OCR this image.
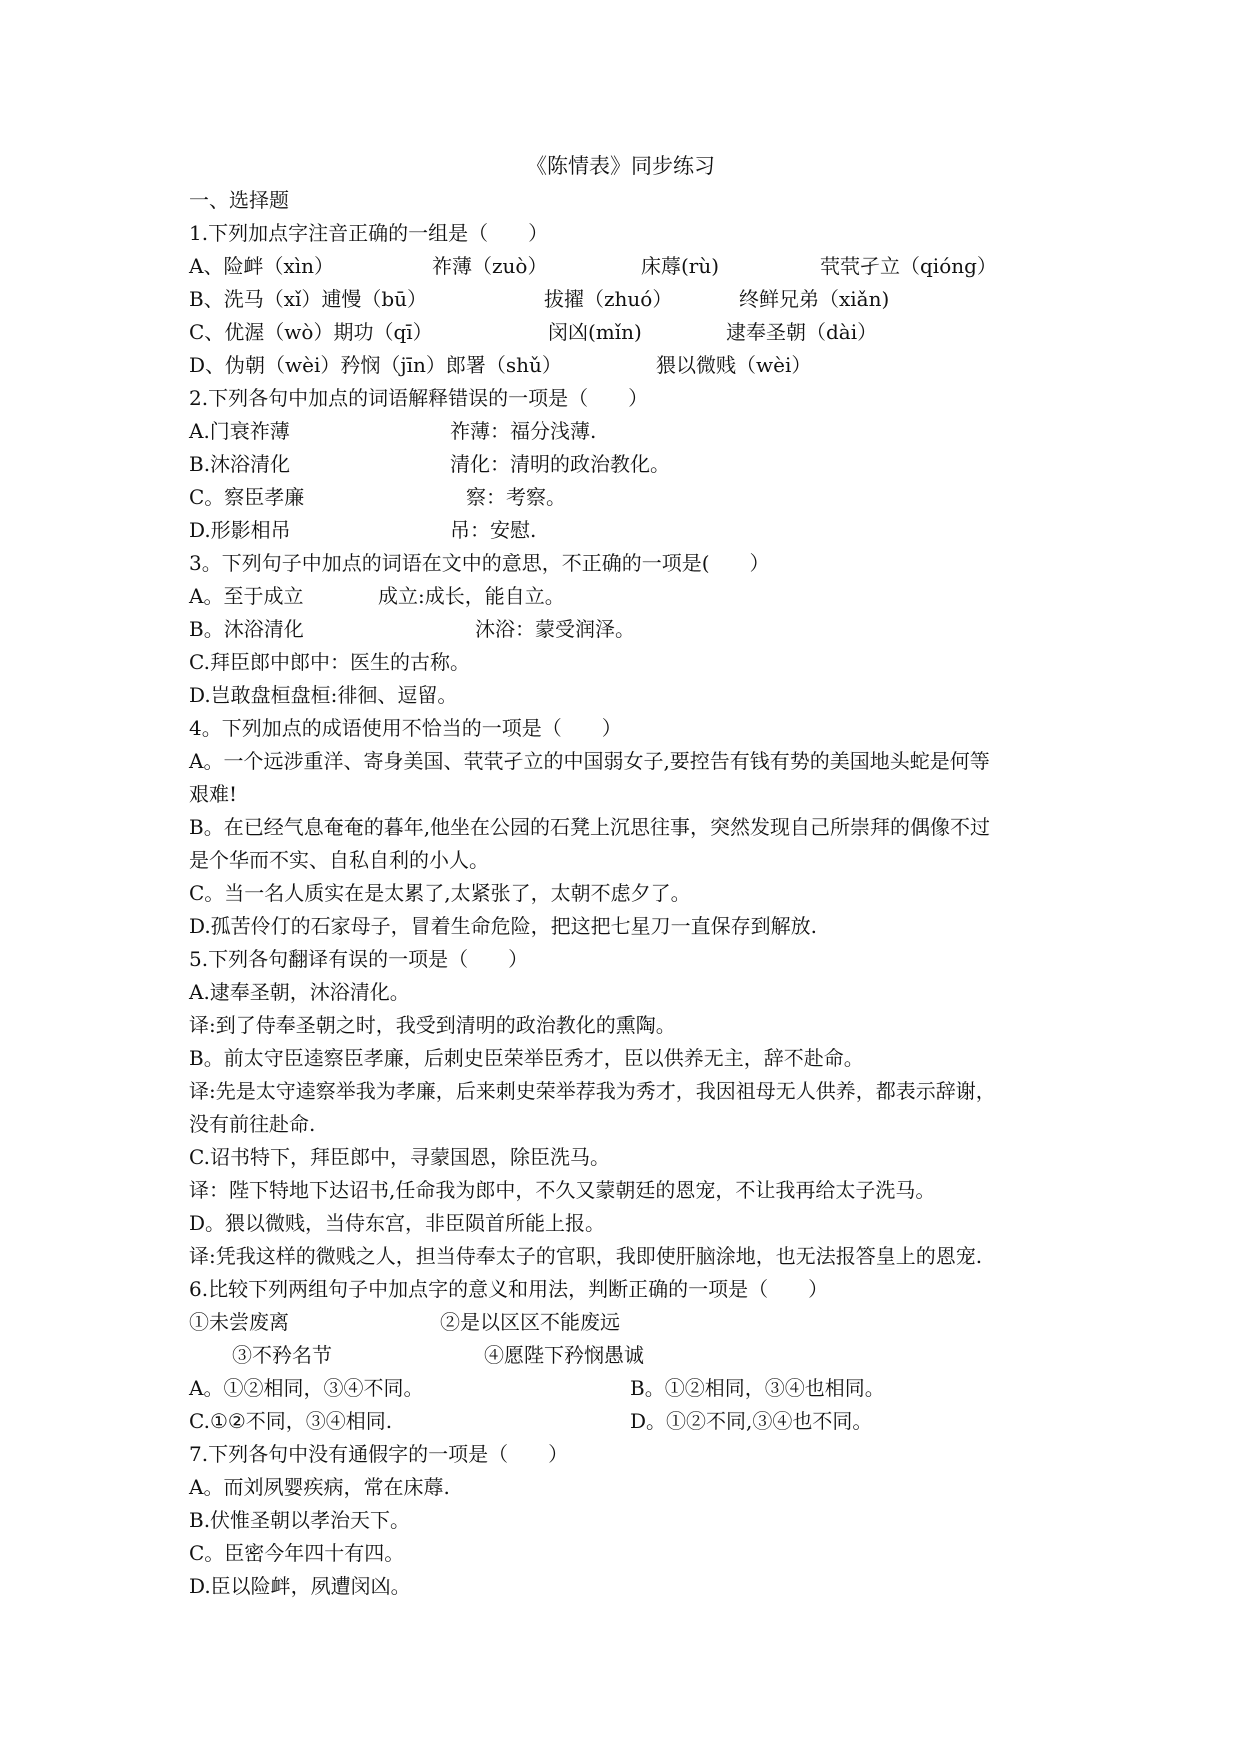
《陈情表》同步练习
一、选择题
1.下列加点字注音正确的一组是（　　）
A、险衅（xìn）	祚薄（zuò）	床蓐(rù)	茕茕孑立（qióng）
B、洗马（xǐ）逋慢（bū）	拔擢（zhuó）	终鲜兄弟（xiǎn)
C、优渥（wò）期功（qī）	闵凶(mǐn)	逮奉圣朝（dài）
D、伪朝（wèi）矜悯（jīn）郎署（shǔ）	猥以微贱（wèi）
2.下列各句中加点的词语解释错误的一项是（　　）
A.门衰祚薄	祚薄：福分浅薄.
B.沐浴清化	清化：清明的政治教化。
C。察臣孝廉	察：考察。
D.形影相吊	吊：安慰.
3。下列句子中加点的词语在文中的意思，不正确的一项是(　　）
A。至于成立	成立:成长，能自立。
B。沐浴清化	沐浴：蒙受润泽。
C.拜臣郎中郎中：医生的古称。
D.岂敢盘桓盘桓:徘徊、逗留。
4。下列加点的成语使用不恰当的一项是（　　）
A。一个远涉重洋、寄身美国、茕茕孑立的中国弱女子,要控告有钱有势的美国地头蛇是何等
艰难!
B。在已经气息奄奄的暮年,他坐在公园的石凳上沉思往事，突然发现自己所崇拜的偶像不过
是个华而不实、自私自利的小人。
C。当一名人质实在是太累了,太紧张了，太朝不虑夕了。
D.孤苦伶仃的石家母子，冒着生命危险，把这把七星刀一直保存到解放.
5.下列各句翻译有误的一项是（　　）
A.逮奉圣朝，沐浴清化。
译:到了侍奉圣朝之时，我受到清明的政治教化的熏陶。
B。前太守臣逵察臣孝廉，后刺史臣荣举臣秀才，臣以供养无主，辞不赴命。
译:先是太守逵察举我为孝廉，后来刺史荣举荐我为秀才，我因祖母无人供养，都表示辞谢，
没有前往赴命.
C.诏书特下，拜臣郎中，寻蒙国恩，除臣洗马。
译：陛下特地下达诏书,任命我为郎中，不久又蒙朝廷的恩宠，不让我再给太子洗马。
D。猥以微贱，当侍东宫，非臣陨首所能上报。
译:凭我这样的微贱之人，担当侍奉太子的官职，我即使肝脑涂地，也无法报答皇上的恩宠.
6.比较下列两组句子中加点字的意义和用法，判断正确的一项是（　　）
①未尝废离	②是以区区不能废远
③不矜名节	④愿陛下矜悯愚诚
A。①②相同，③④不同。	B。①②相同，③④也相同。
C.①②不同，③④相同.	D。①②不同,③④也不同。
7.下列各句中没有通假字的一项是（　　）
A。而刘夙婴疾病，常在床蓐.
B.伏惟圣朝以孝治天下。
C。臣密今年四十有四。
D.臣以险衅，夙遭闵凶。
